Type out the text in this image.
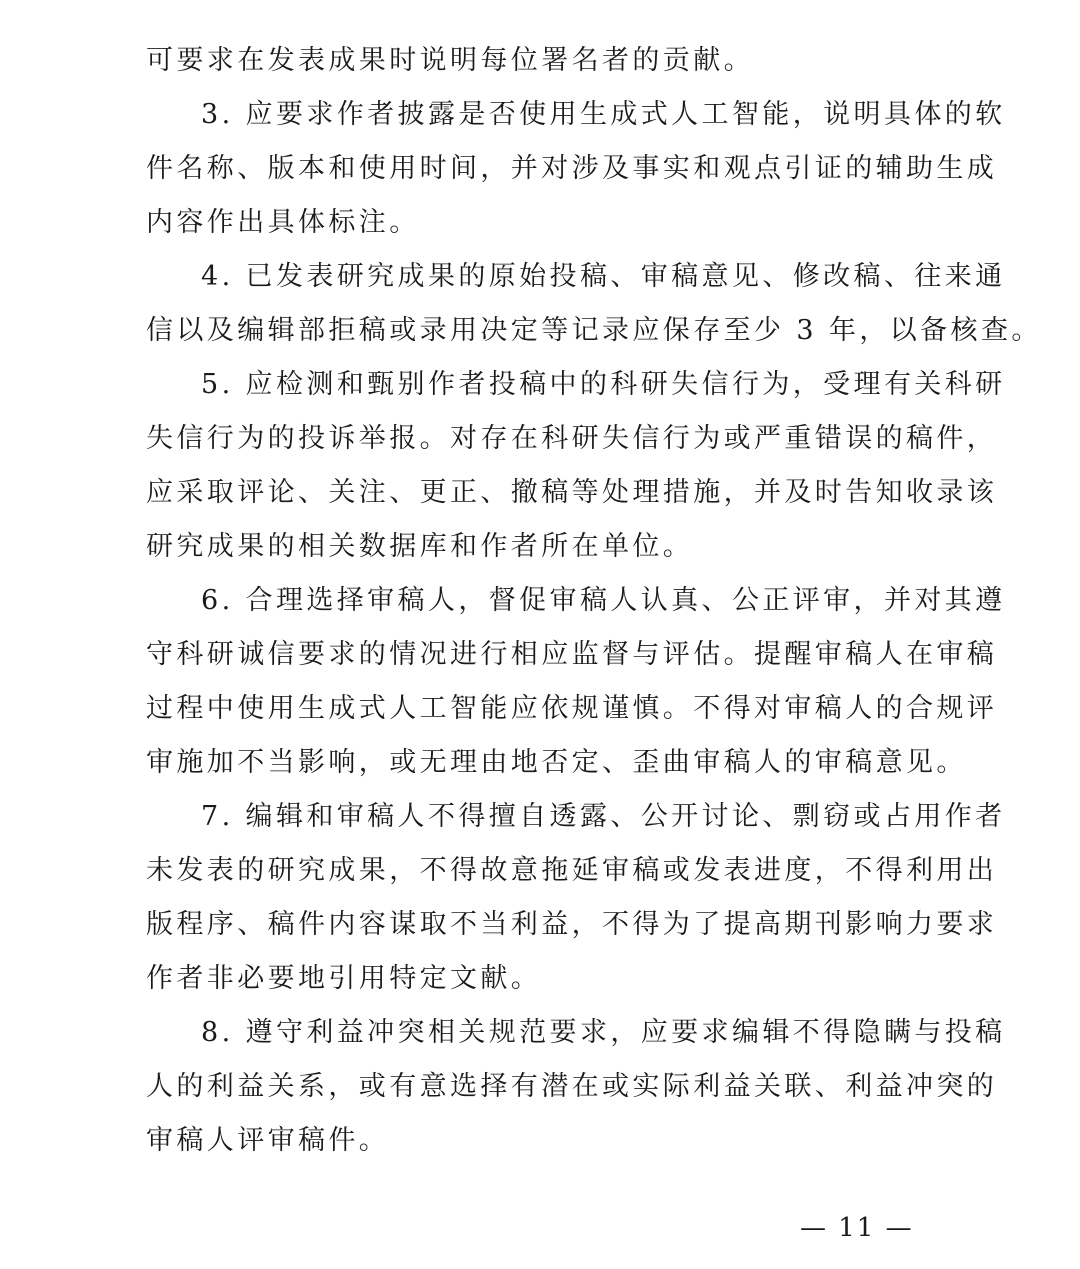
可要求在发表成果时说明每位署名者的贡献。
3. 应要求作者披露是否使用生成式人工智能，说明具体的软
件名称、版本和使用时间，并对涉及事实和观点引证的辅助生成
内容作出具体标注。
4. 已发表研究成果的原始投稿、审稿意见、修改稿、往来通
信以及编辑部拒稿或录用决定等记录应保存至少 3 年，以备核查。
5. 应检测和甄别作者投稿中的科研失信行为，受理有关科研
失信行为的投诉举报。对存在科研失信行为或严重错误的稿件，
应采取评论、关注、更正、撤稿等处理措施，并及时告知收录该
研究成果的相关数据库和作者所在单位。
6. 合理选择审稿人，督促审稿人认真、公正评审，并对其遵
守科研诚信要求的情况进行相应监督与评估。提醒审稿人在审稿
过程中使用生成式人工智能应依规谨慎。不得对审稿人的合规评
审施加不当影响，或无理由地否定、歪曲审稿人的审稿意见。
7. 编辑和审稿人不得擅自透露、公开讨论、剽窃或占用作者
未发表的研究成果，不得故意拖延审稿或发表进度，不得利用出
版程序、稿件内容谋取不当利益，不得为了提高期刊影响力要求
作者非必要地引用特定文献。
8. 遵守利益冲突相关规范要求，应要求编辑不得隐瞒与投稿
人的利益关系，或有意选择有潜在或实际利益关联、利益冲突的
审稿人评审稿件。
— 11 —
